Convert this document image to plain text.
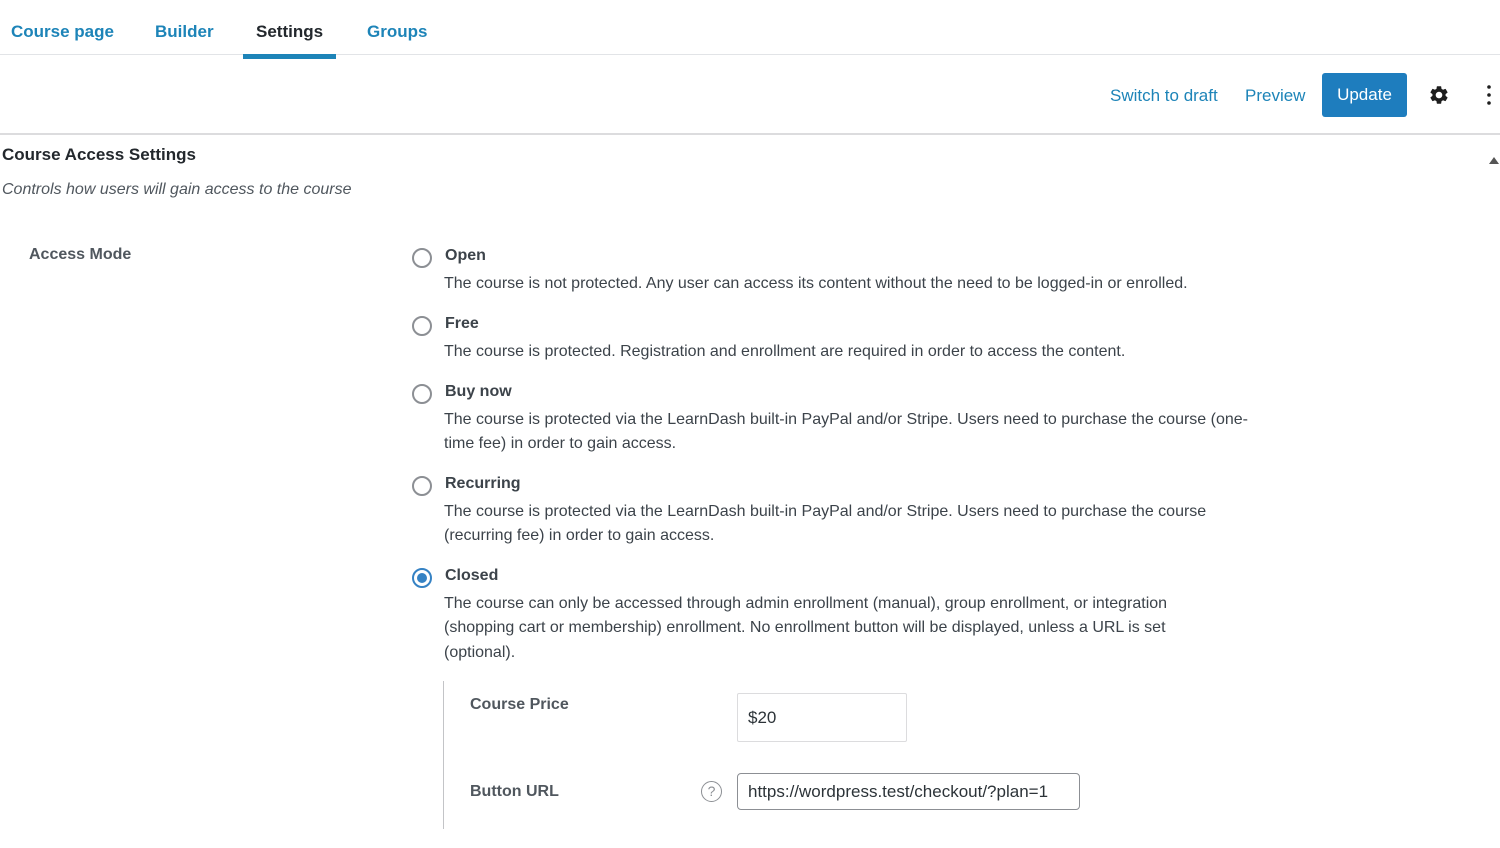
Course page Builder Settings	Groups
Switch to draft Preview	Update
Course Access Settings
Controls how users will gain access to the course
Access Mode	Open
The course is not protected. Any user can access its content without the need to be logged-in or enrolled.
Free
The course is protected. Registration and enrollment are required in order to access the content.
Buy now
The course is protected via the LearnDash built-in PayPal and/or Stripe. Users need to purchase the course (one-time fee) in order to gain access.
Recurring
The course is protected via the LearnDash built-in PayPal and/or Stripe. Users need to purchase the course (recurring fee) in order to gain access.
Closed
The course can only be accessed through admin enrollment (manual), group enrollment, or integration (shopping cart or membership) enrollment. No enrollment button will be displayed, unless a URL is set (optional).
Course Price
$20
Button URL	?
https://wordpress.test/checkout/?plan=1
